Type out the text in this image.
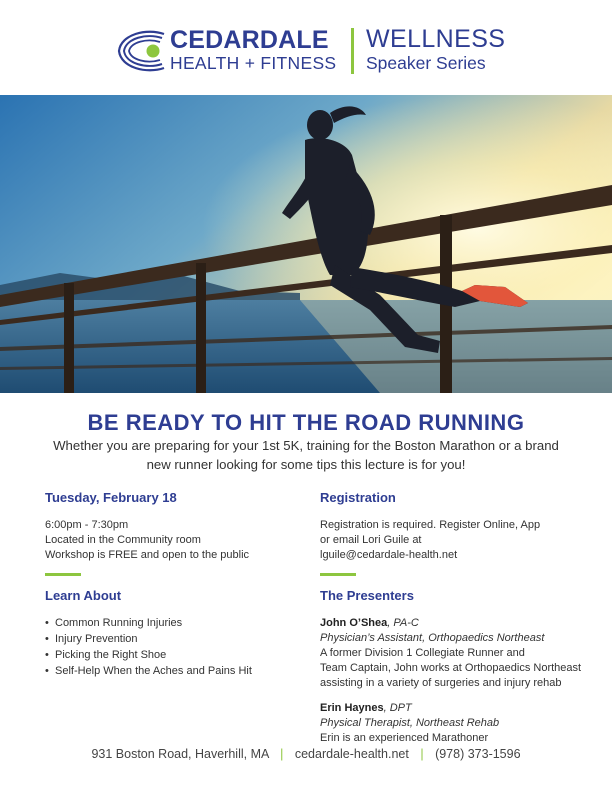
CEDARDALE
HEALTH + FITNESS
WELLNESS
Speaker Series
BE READY TO HIT THE ROAD RUNNING
Whether you are preparing for your 1st 5K, training for the Boston Marathon or a brand new runner looking for some tips this lecture is for you!
Tuesday, February 18
6:00pm - 7:30pm
Located in the Community room
Workshop is FREE and open to the public
Learn About
• Common Running Injuries
• Injury Prevention
• Picking the Right Shoe
• Self-Help When the Aches and Pains Hit
Registration
Registration is required. Register Online, App
or email Lori Guile at
lguile@cedardale-health.net
The Presenters
John O’Shea, PA-C
Physician’s Assistant, Orthopaedics Northeast
A former Division 1 Collegiate Runner and
Team Captain, John works at Orthopaedics Northeast
assisting in a variety of surgeries and injury rehab
Erin Haynes, DPT
Physical Therapist, Northeast Rehab
Erin is an experienced Marathoner
931 Boston Road, Haverhill, MA | cedardale-health.net | (978) 373-1596
